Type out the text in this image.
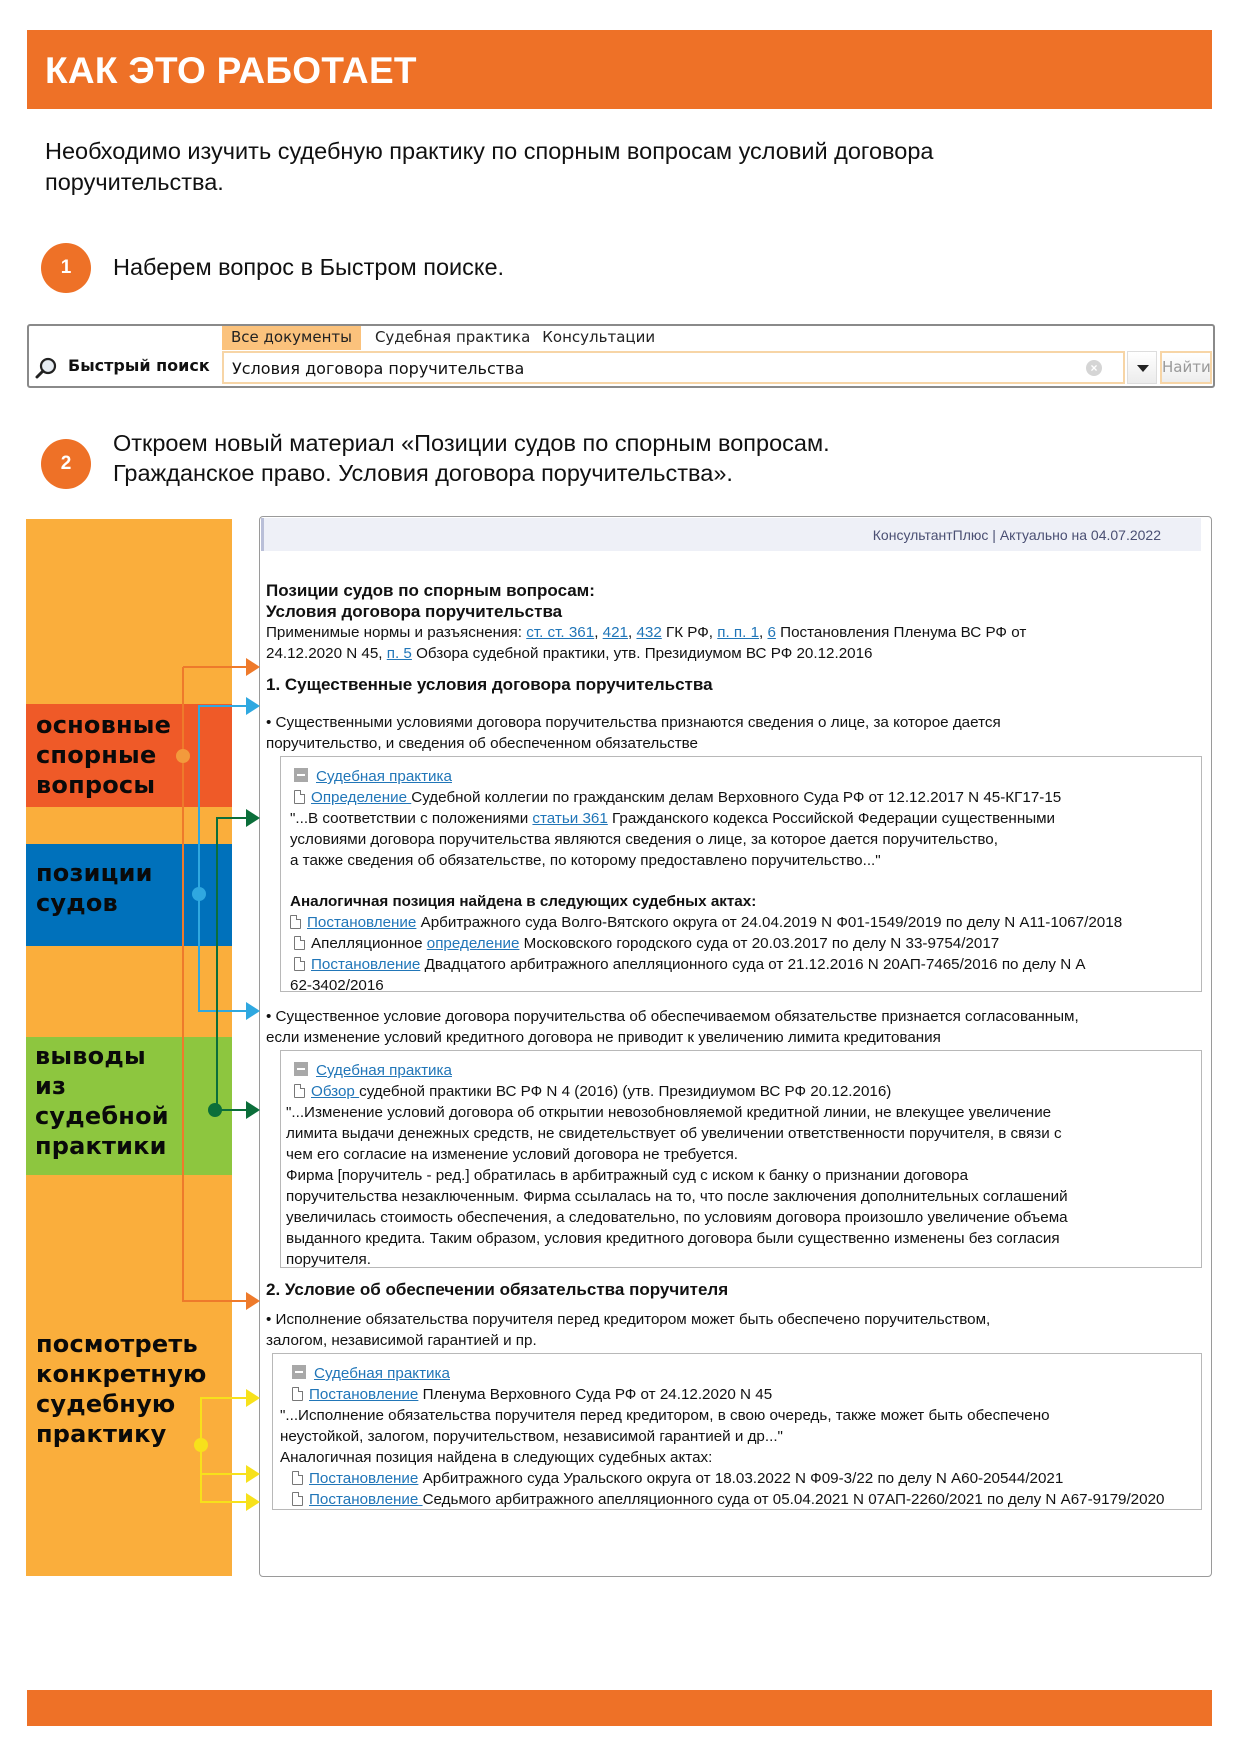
КАК ЭТО РАБОТАЕТ
Необходимо изучить судебную практику по спорным вопросам условий договора
поручительства.
1	Наберем вопрос в Быстром поиске.
Быстрый поиск
Все документы	Судебная практика Консультации
Условия договора поручительства
×	Найти
2
Откроем новый материал «Позиции судов по спорным вопросам.
Гражданское право. Условия договора поручительства».
основные
спорные
вопросы
позиции
судов
выводы
из
судебной
практики
посмотреть
конкретную
судебную
практику
КонсультантПлюс | Актуально на 04.07.2022
Позиции судов по спорным вопросам:
Условия договора поручительства
Применимые нормы и разъяснения: ст. ст. 361, 421, 432 ГК РФ, п. п. 1, 6 Постановления Пленума ВС РФ от
24.12.2020 N 45, п. 5 Обзора судебной практики, утв. Президиумом ВС РФ 20.12.2016
1. Существенные условия договора поручительства
• Существенными условиями договора поручительства признаются сведения о лице, за которое дается
поручительство, и сведения об обеспеченном обязательстве
Судебная практика
Определение Судебной коллегии по гражданским делам Верховного Суда РФ от 12.12.2017 N 45-КГ17-15
"...В соответствии с положениями статьи 361 Гражданского кодекса Российской Федерации существенными
условиями договора поручительства являются сведения о лице, за которое дается поручительство,
а также сведения об обязательстве, по которому предоставлено поручительство..."
Аналогичная позиция найдена в следующих судебных актах:
Постановление Арбитражного суда Волго-Вятского округа от 24.04.2019 N Ф01-1549/2019 по делу N А11-1067/2018
Апелляционное определение Московского городского суда от 20.03.2017 по делу N 33-9754/2017
Постановление Двадцатого арбитражного апелляционного суда от 21.12.2016 N 20АП-7465/2016 по делу N А
62-3402/2016
• Существенное условие договора поручительства об обеспечиваемом обязательстве признается согласованным,
если изменение условий кредитного договора не приводит к увеличению лимита кредитования
Судебная практика
Обзор судебной практики ВС РФ N 4 (2016) (утв. Президиумом ВС РФ 20.12.2016)
"...Изменение условий договора об открытии невозобновляемой кредитной линии, не влекущее увеличение
лимита выдачи денежных средств, не свидетельствует об увеличении ответственности поручителя, в связи с
чем его согласие на изменение условий договора не требуется.
Фирма [поручитель - ред.] обратилась в арбитражный суд с иском к банку о признании договора
поручительства незаключенным. Фирма ссылалась на то, что после заключения дополнительных соглашений
увеличилась стоимость обеспечения, а следовательно, по условиям договора произошло увеличение объема
выданного кредита. Таким образом, условия кредитного договора были существенно изменены без согласия
поручителя.
2. Условие об обеспечении обязательства поручителя
• Исполнение обязательства поручителя перед кредитором может быть обеспечено поручительством,
залогом, независимой гарантией и пр.
Судебная практика
Постановление Пленума Верховного Суда РФ от 24.12.2020 N 45
"...Исполнение обязательства поручителя перед кредитором, в свою очередь, также может быть обеспечено
неустойкой, залогом, поручительством, независимой гарантией и др..."
Аналогичная позиция найдена в следующих судебных актах:
Постановление Арбитражного суда Уральского округа от 18.03.2022 N Ф09-3/22 по делу N А60-20544/2021
Постановление Седьмого арбитражного апелляционного суда от 05.04.2021 N 07АП-2260/2021 по делу N А67-9179/2020
